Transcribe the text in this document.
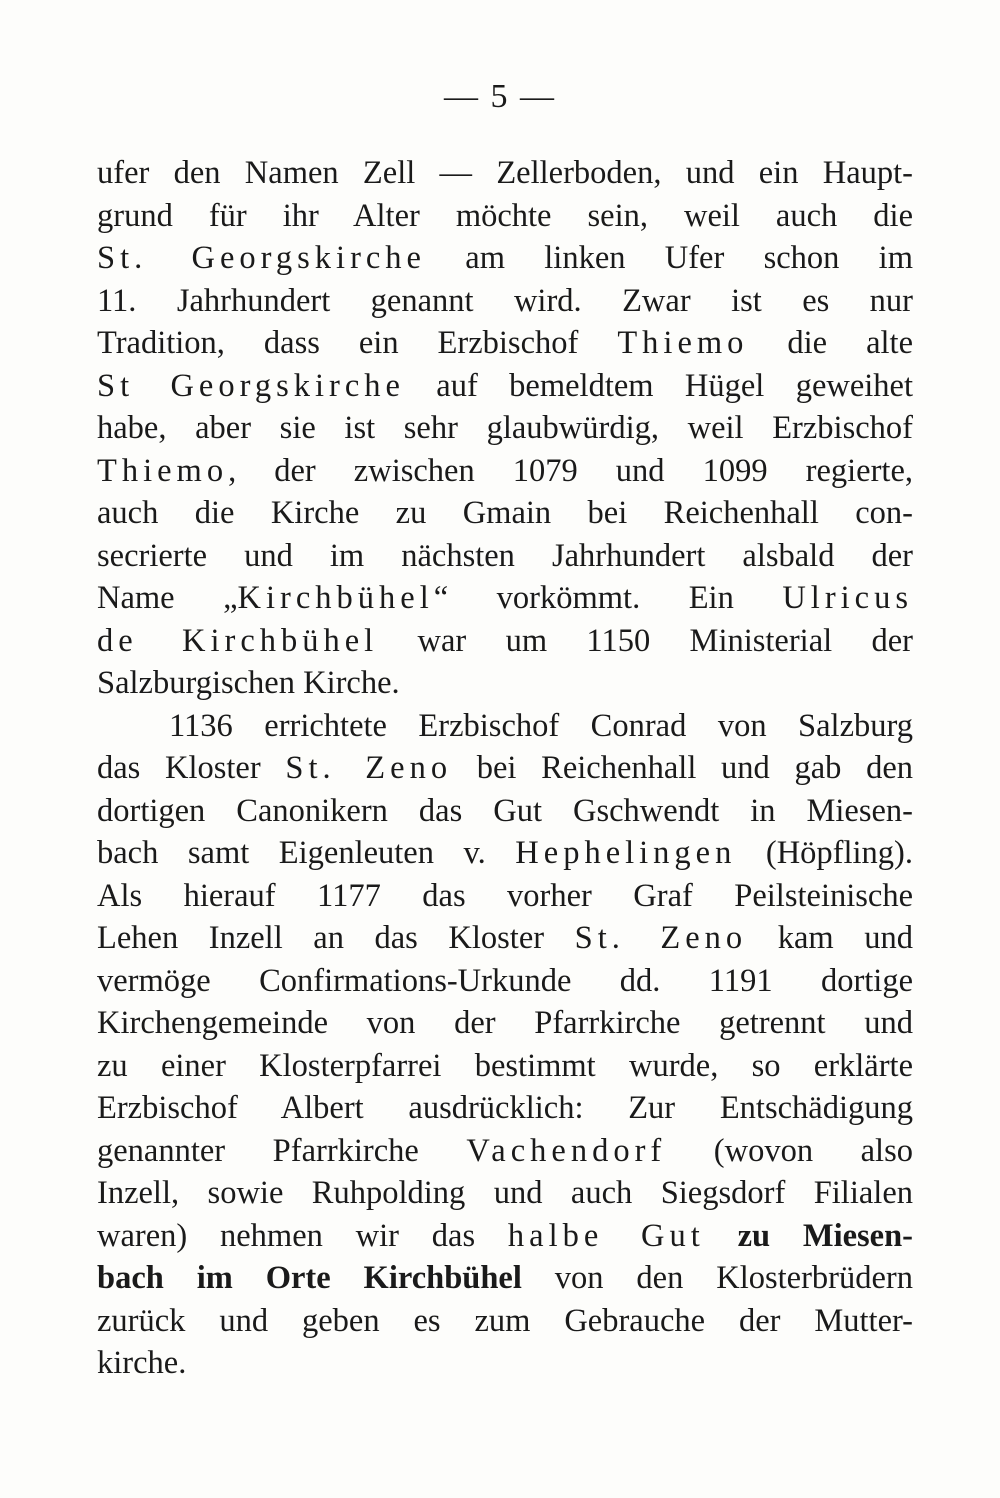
— 5 —
ufer den Namen Zell — Zellerboden, und ein Haupt-
grund für ihr Alter möchte sein, weil auch die
St. Georgskirche am linken Ufer schon im
11. Jahrhundert genannt wird. Zwar ist es nur
Tradition, dass ein Erzbischof Thiemo die alte
St Georgskirche auf bemeldtem Hügel geweihet
habe, aber sie ist sehr glaubwürdig, weil Erzbischof
Thiemo, der zwischen 1079 und 1099 regierte,
auch die Kirche zu Gmain bei Reichenhall con-
secrierte und im nächsten Jahrhundert alsbald der
Name „Kirchbühel“ vorkömmt. Ein Ulricus
de Kirchbühel war um 1150 Ministerial der
Salzburgischen Kirche.
1136 errichtete Erzbischof Conrad von Salzburg
das Kloster St. Zeno bei Reichenhall und gab den
dortigen Canonikern das Gut Gschwendt in Miesen-
bach samt Eigenleuten v. Hephelingen (Höpfling).
Als hierauf 1177 das vorher Graf Peilsteinische
Lehen Inzell an das Kloster St. Zeno kam und
vermöge Confirmations-Urkunde dd. 1191 dortige
Kirchengemeinde von der Pfarrkirche getrennt und
zu einer Klosterpfarrei bestimmt wurde, so erklärte
Erzbischof Albert ausdrücklich: Zur Entschädigung
genannter Pfarrkirche Vachendorf (wovon also
Inzell, sowie Ruhpolding und auch Siegsdorf Filialen
waren) nehmen wir das halbe Gut zu Miesen-
bach im Orte Kirchbühel von den Klosterbrüdern
zurück und geben es zum Gebrauche der Mutter-
kirche.
